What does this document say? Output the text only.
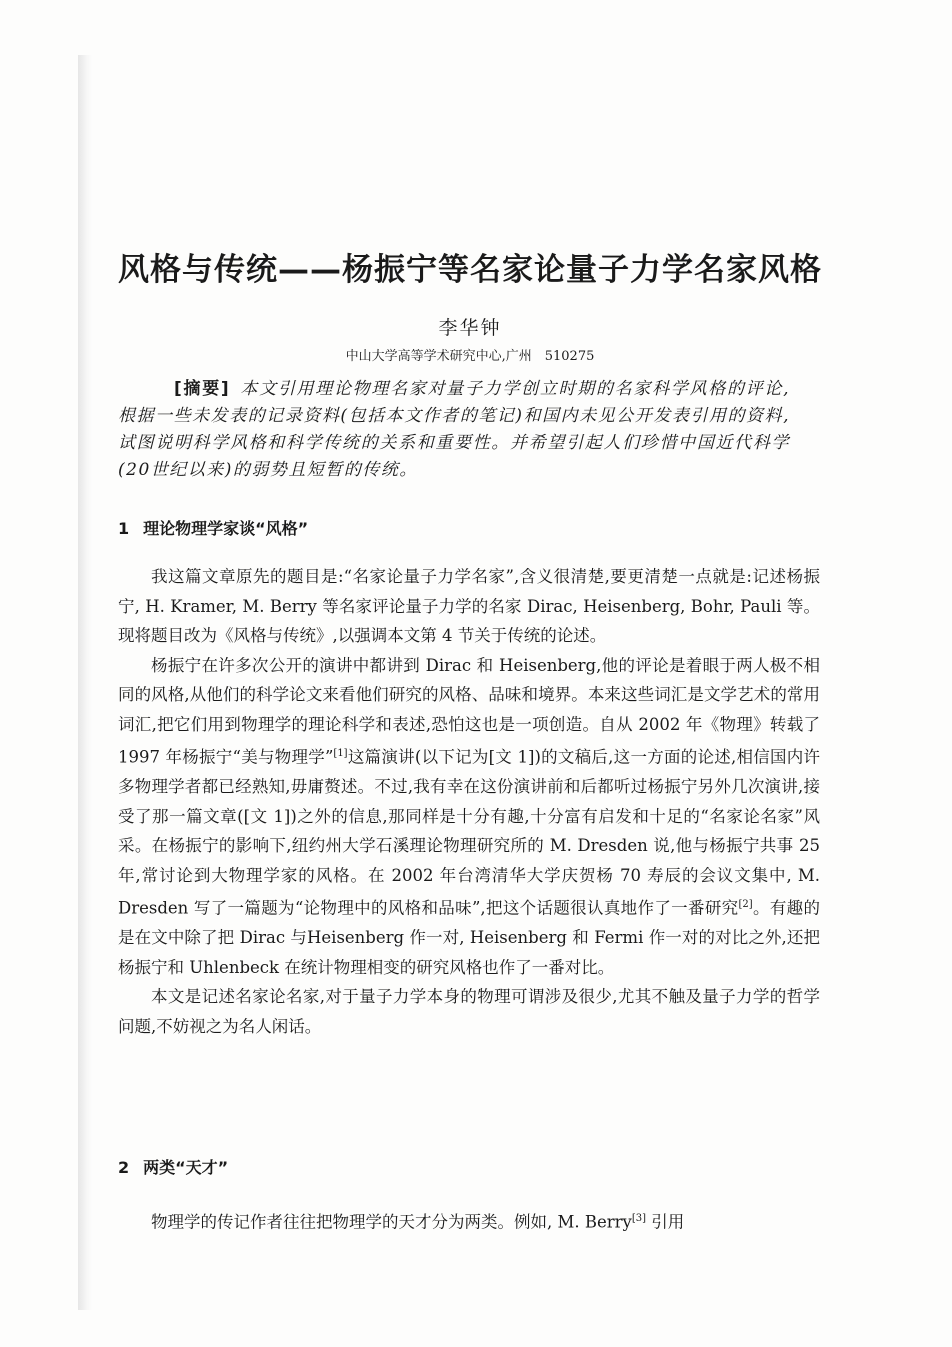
风格与传统——杨振宁等名家论量子力学名家风格
李华钟
中山大学高等学术研究中心,广州　510275

[摘要] 本文引用理论物理名家对量子力学创立时期的名家科学风格的评论,根据一些未发表的记录资料(包括本文作者的笔记)和国内未见公开发表引用的资料,试图说明科学风格和科学传统的关系和重要性。并希望引起人们珍惜中国近代科学(20世纪以来)的弱势且短暂的传统。

1 理论物理学家谈“风格”

我这篇文章原先的题目是:“名家论量子力学名家”,含义很清楚,要更清楚一点就是:记述杨振宁, H. Kramer, M. Berry 等名家评论量子力学的名家 Dirac, Heisenberg, Bohr, Pauli 等。现将题目改为《风格与传统》,以强调本文第 4 节关于传统的论述。

杨振宁在许多次公开的演讲中都讲到 Dirac 和 Heisenberg,他的评论是着眼于两人极不相同的风格,从他们的科学论文来看他们研究的风格、品味和境界。本来这些词汇是文学艺术的常用词汇,把它们用到物理学的理论科学和表述,恐怕这也是一项创造。自从 2002 年《物理》转载了 1997 年杨振宁“美与物理学”[1]这篇演讲(以下记为[文 1])的文稿后,这一方面的论述,相信国内许多物理学者都已经熟知,毋庸赘述。不过,我有幸在这份演讲前和后都听过杨振宁另外几次演讲,接受了那一篇文章([文 1])之外的信息,那同样是十分有趣,十分富有启发和十足的“名家论名家”风采。在杨振宁的影响下,纽约州大学石溪理论物理研究所的 M. Dresden 说,他与杨振宁共事 25 年,常讨论到大物理学家的风格。在 2002 年台湾清华大学庆贺杨 70 寿辰的会议文集中, M. Dresden 写了一篇题为“论物理中的风格和品味”,把这个话题很认真地作了一番研究[2]。有趣的是在文中除了把 Dirac 与Heisenberg 作一对, Heisenberg 和 Fermi 作一对的对比之外,还把杨振宁和 Uhlenbeck 在统计物理相变的研究风格也作了一番对比。

本文是记述名家论名家,对于量子力学本身的物理可谓涉及很少,尤其不触及量子力学的哲学问题,不妨视之为名人闲话。

2 两类“天才”

物理学的传记作者往往把物理学的天才分为两类。例如, M. Berry[3] 引用
